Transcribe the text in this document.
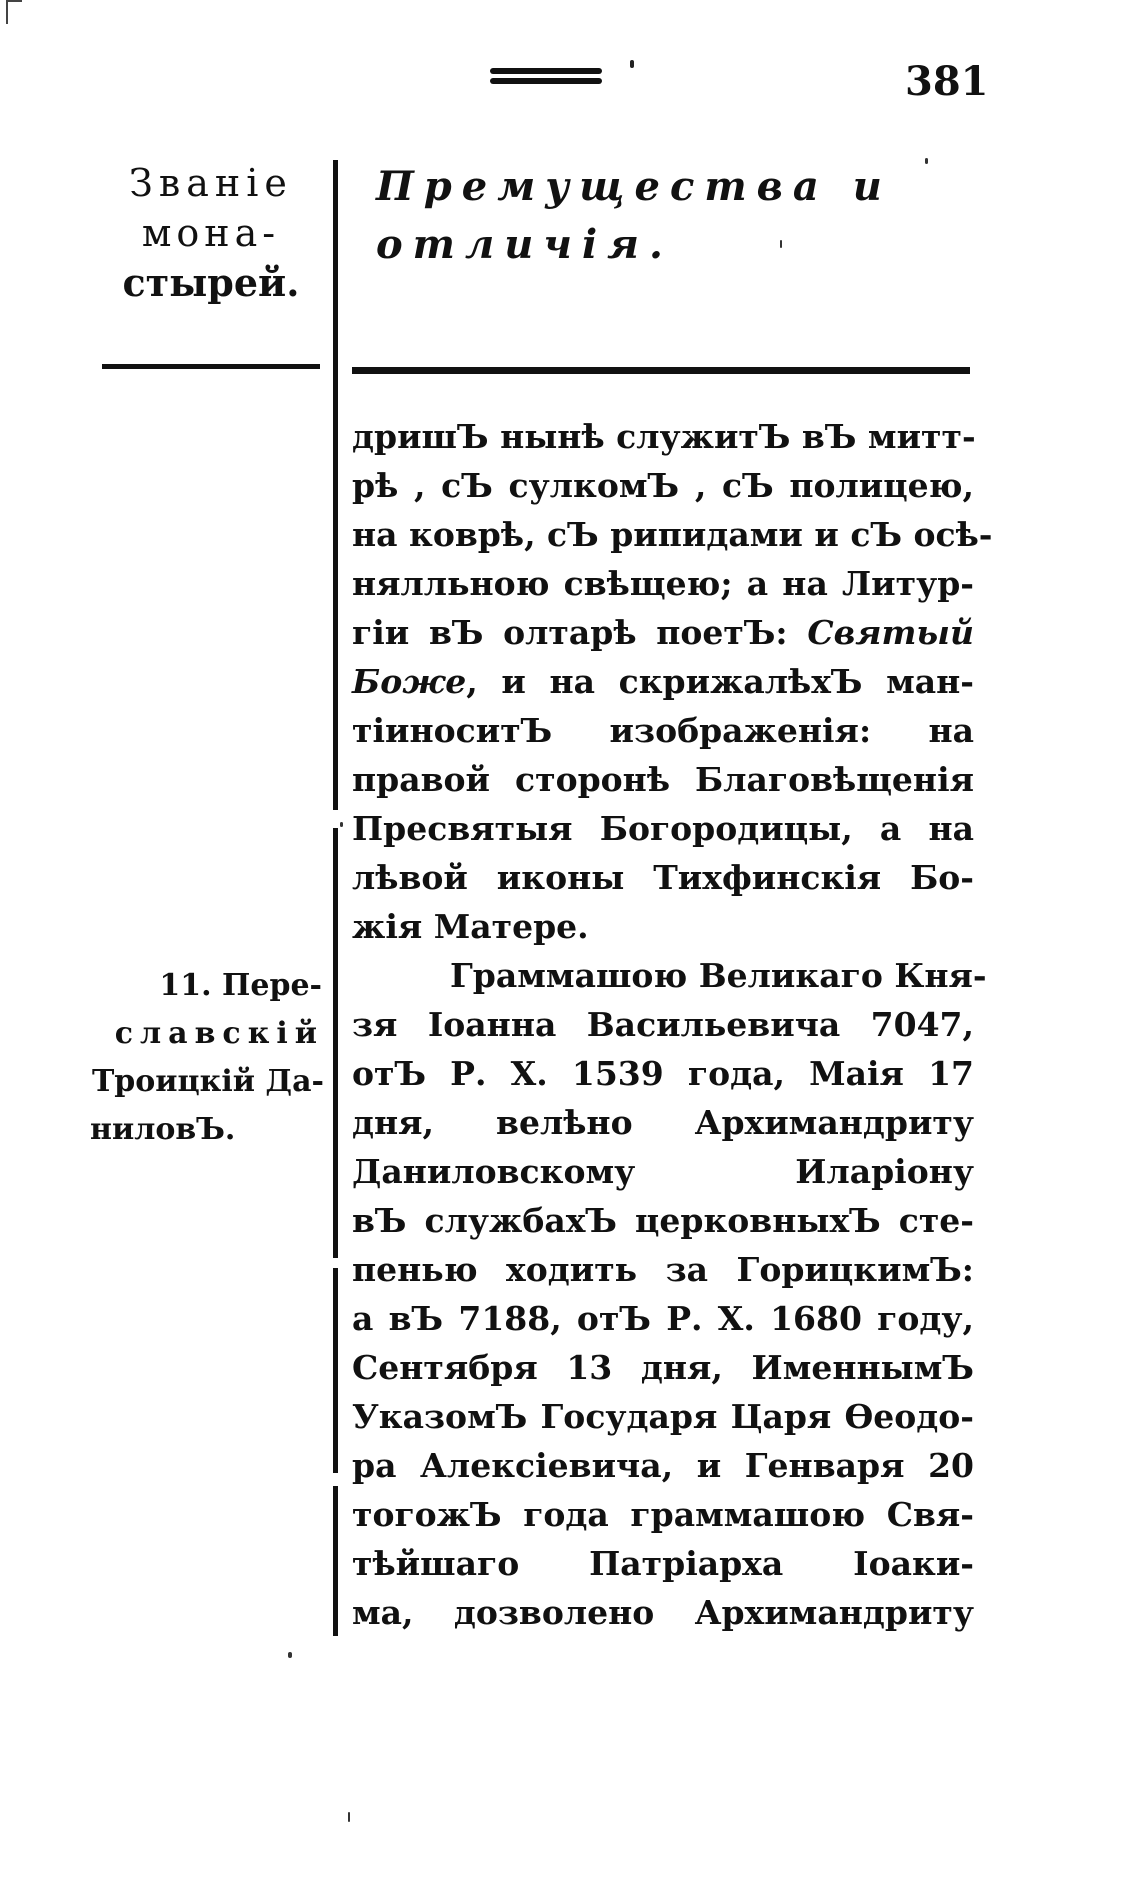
381
Званіе
мона-
стырей.
Премущества и
отличія.
дришЪ нынѣ служитЪ вЪ митт-
рѣ , сЪ сулкомЪ , сЪ полицею,
на коврѣ, сЪ рипидами и сЪ осѣ-
нялльною свѣщею; а на Литур-
гіи вЪ олтарѣ поетЪ: Святый
Боже, и на скрижалѣхЪ ман-
тіиноситЪ изображенія: на
правой сторонѣ Благовѣщенія
Пресвятыя Богородицы, а на
лѣвой иконы Тихфинскія Бо-
жія Матере.
Граммашою Великаго Кня-
зя Іоанна Васильевича 7047,
отЪ Р. Х. 1539 года, Маія 17
дня, велѣно Архимандриту
Даниловскому Иларіону
вЪ службахЪ церковныхЪ сте-
пенью ходить за ГорицкимЪ:
а вЪ 7188, отЪ Р. Х. 1680 году,
Сентября 13 дня, ИменнымЪ
УказомЪ Государя Царя Ѳеодо-
ра Алексіевича, и Генваря 20
тогожЪ года граммашою Свя-
тѣйшаго Патріарха Іоаки-
ма, дозволено Архимандриту
11. Пере-
славскій
Троицкій Да-
ниловЪ.
